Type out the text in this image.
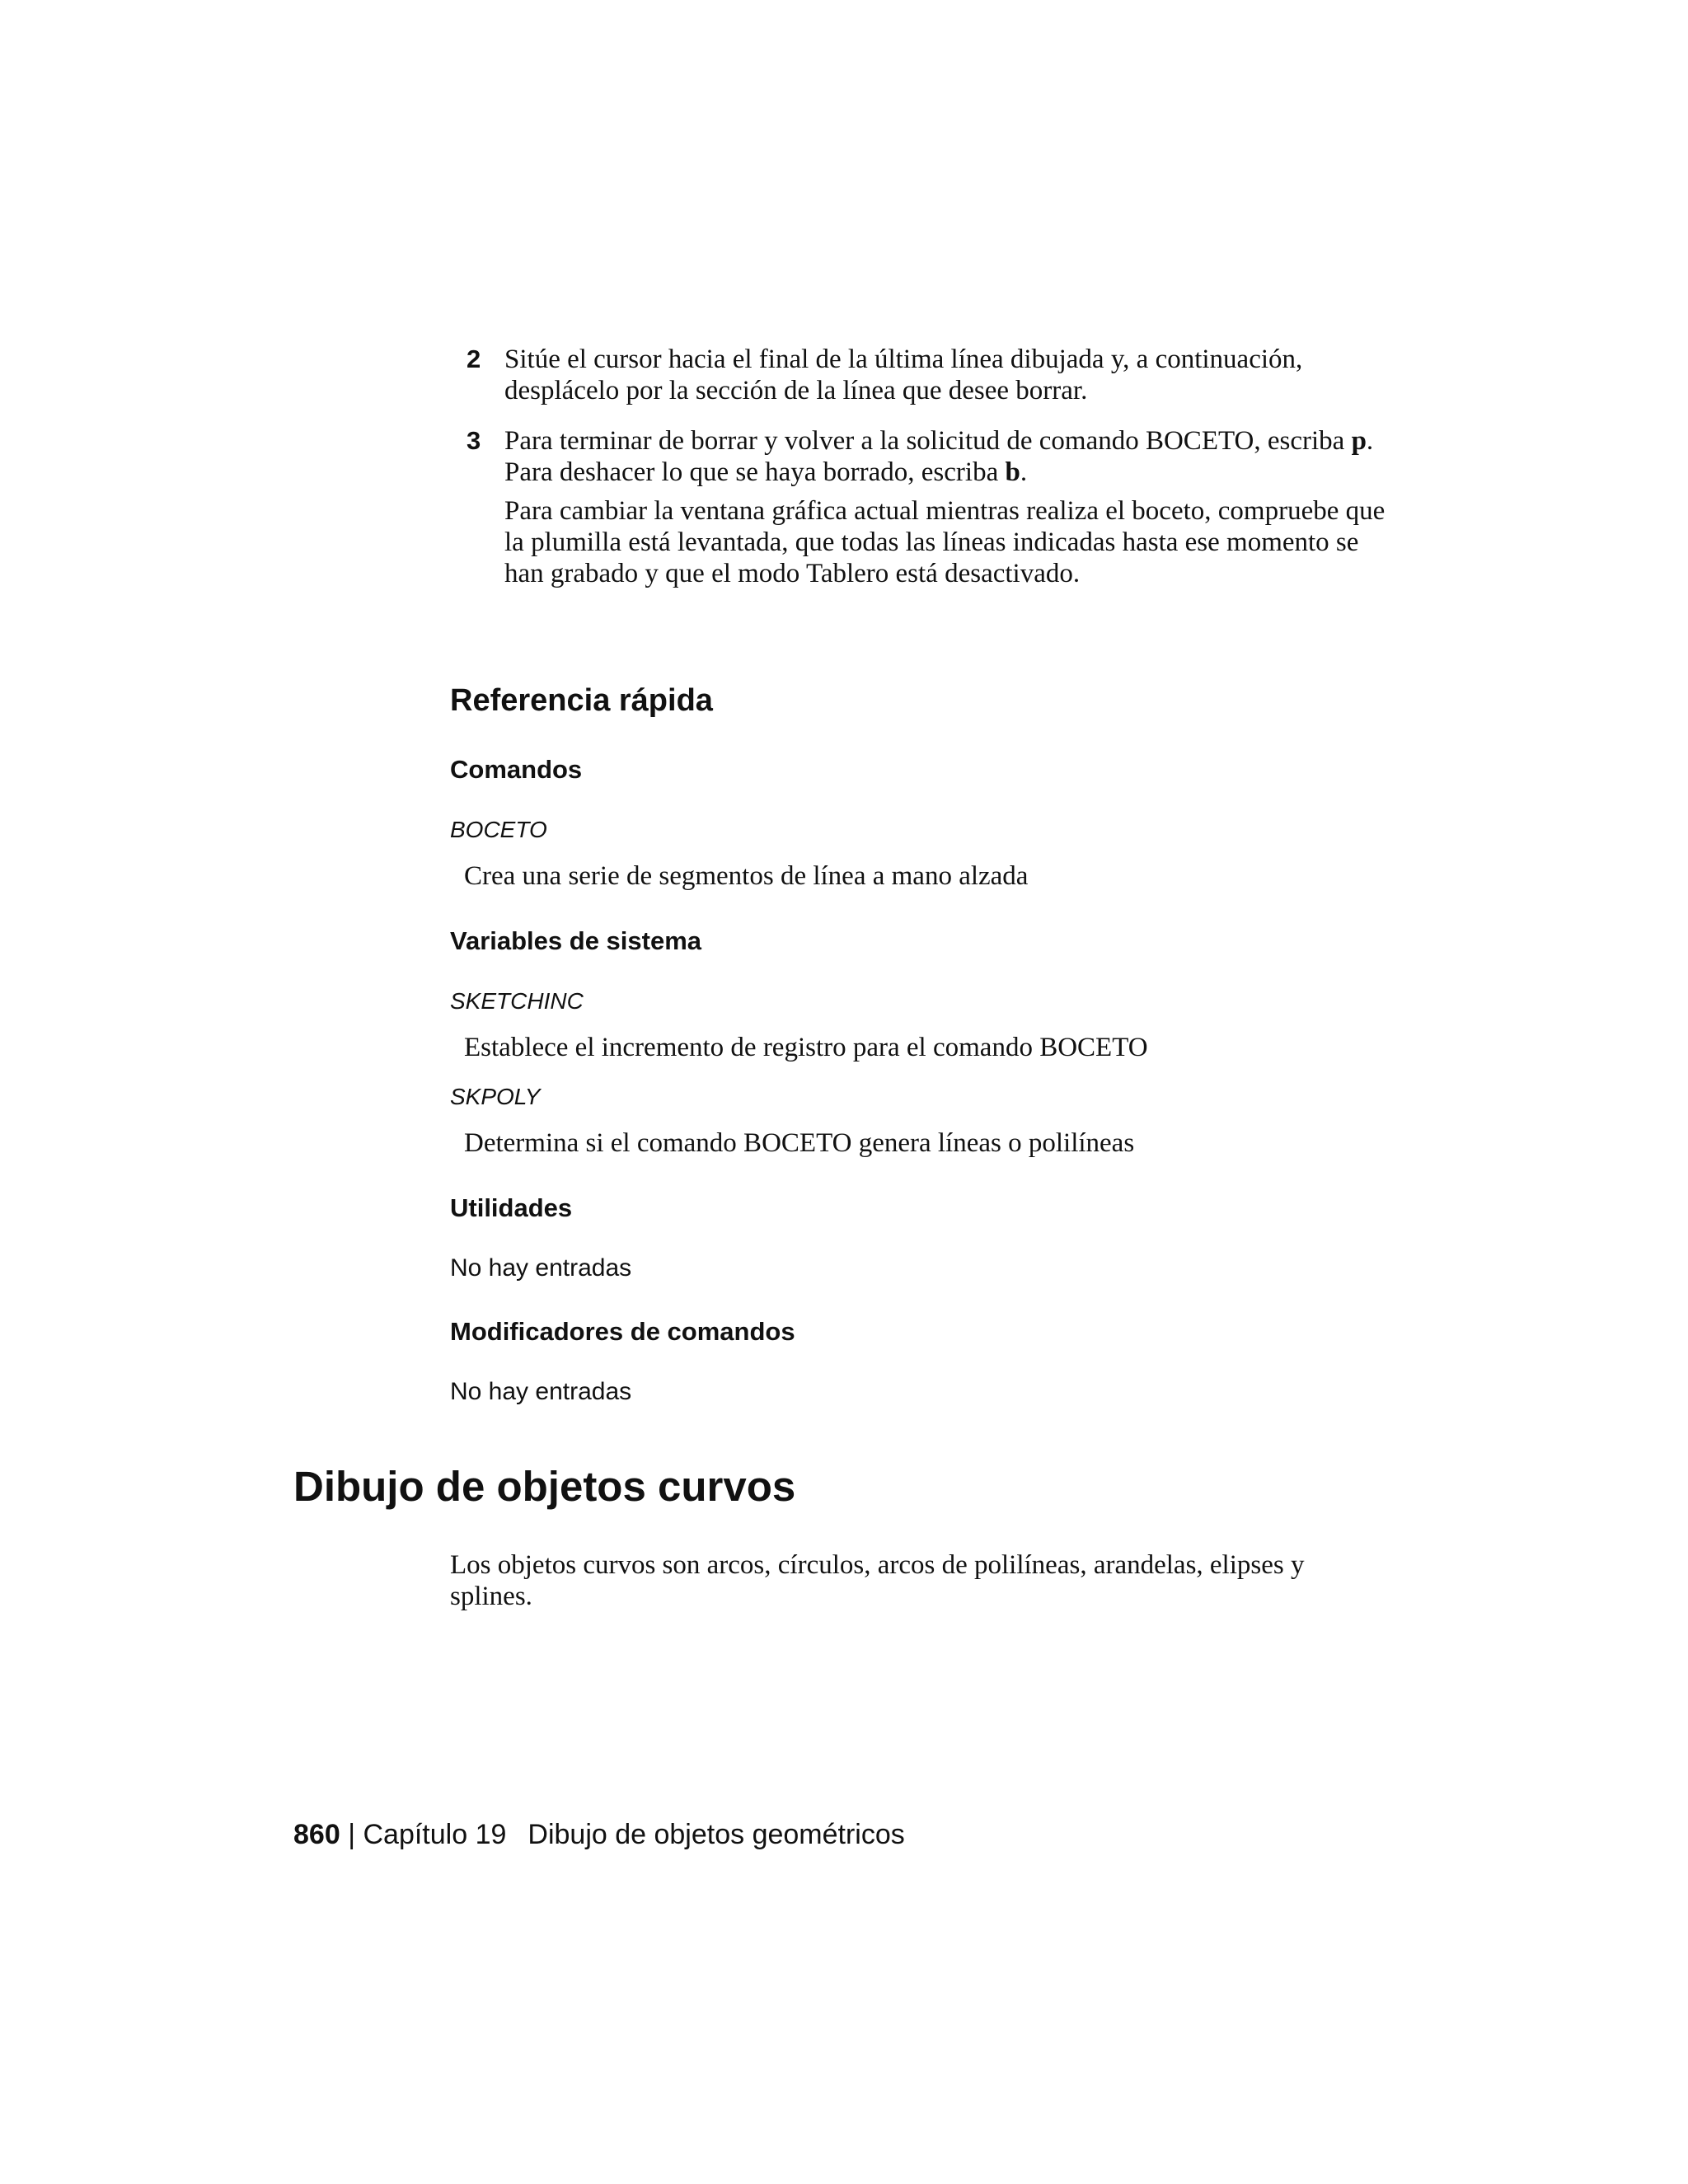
2 Sitúe el cursor hacia el final de la última línea dibujada y, a continuación, desplácelo por la sección de la línea que desee borrar.
3 Para terminar de borrar y volver a la solicitud de comando BOCETO, escriba p. Para deshacer lo que se haya borrado, escriba b.
Para cambiar la ventana gráfica actual mientras realiza el boceto, compruebe que la plumilla está levantada, que todas las líneas indicadas hasta ese momento se han grabado y que el modo Tablero está desactivado.
Referencia rápida
Comandos
BOCETO
Crea una serie de segmentos de línea a mano alzada
Variables de sistema
SKETCHINC
Establece el incremento de registro para el comando BOCETO
SKPOLY
Determina si el comando BOCETO genera líneas o polilíneas
Utilidades
No hay entradas
Modificadores de comandos
No hay entradas
Dibujo de objetos curvos
Los objetos curvos son arcos, círculos, arcos de polilíneas, arandelas, elipses y splines.
860 | Capítulo 19 Dibujo de objetos geométricos
